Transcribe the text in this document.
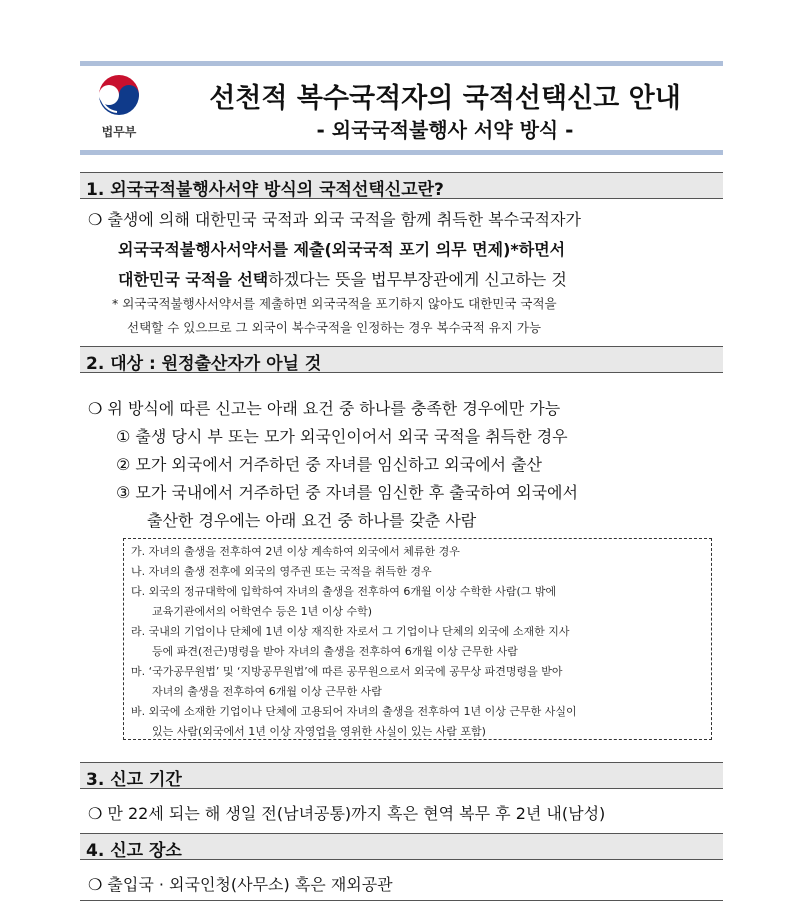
법무부
선천적 복수국적자의 국적선택신고 안내
- 외국국적불행사 서약 방식 -
1. 외국국적불행사서약 방식의 국적선택신고란?
❍ 출생에 의해 대한민국 국적과 외국 국적을 함께 취득한 복수국적자가
외국국적불행사서약서를 제출(외국국적 포기 의무 면제)*하면서
대한민국 국적을 선택하겠다는 뜻을 법무부장관에게 신고하는 것
* 외국국적불행사서약서를 제출하면 외국국적을 포기하지 않아도 대한민국 국적을
선택할 수 있으므로 그 외국이 복수국적을 인정하는 경우 복수국적 유지 가능
2. 대상 : 원정출산자가 아닐 것
❍ 위 방식에 따른 신고는 아래 요건 중 하나를 충족한 경우에만 가능
① 출생 당시 부 또는 모가 외국인이어서 외국 국적을 취득한 경우
② 모가 외국에서 거주하던 중 자녀를 임신하고 외국에서 출산
③ 모가 국내에서 거주하던 중 자녀를 임신한 후 출국하여 외국에서
출산한 경우에는 아래 요건 중 하나를 갖춘 사람
가. 자녀의 출생을 전후하여 2년 이상 계속하여 외국에서 체류한 경우
나. 자녀의 출생 전후에 외국의 영주권 또는 국적을 취득한 경우
다. 외국의 정규대학에 입학하여 자녀의 출생을 전후하여 6개월 이상 수학한 사람(그 밖에
교육기관에서의 어학연수 등은 1년 이상 수학)
라. 국내의 기업이나 단체에 1년 이상 재직한 자로서 그 기업이나 단체의 외국에 소재한 지사
등에 파견(전근)명령을 받아 자녀의 출생을 전후하여 6개월 이상 근무한 사람
마. ‘국가공무원법’ 및 ‘지방공무원법’에 따른 공무원으로서 외국에 공무상 파견명령을 받아
자녀의 출생을 전후하여 6개월 이상 근무한 사람
바. 외국에 소재한 기업이나 단체에 고용되어 자녀의 출생을 전후하여 1년 이상 근무한 사실이
있는 사람(외국에서 1년 이상 자영업을 영위한 사실이 있는 사람 포함)
3. 신고 기간
❍ 만 22세 되는 해 생일 전(남녀공통)까지 혹은 현역 복무 후 2년 내(남성)
4. 신고 장소
❍ 출입국 · 외국인청(사무소) 혹은 재외공관
